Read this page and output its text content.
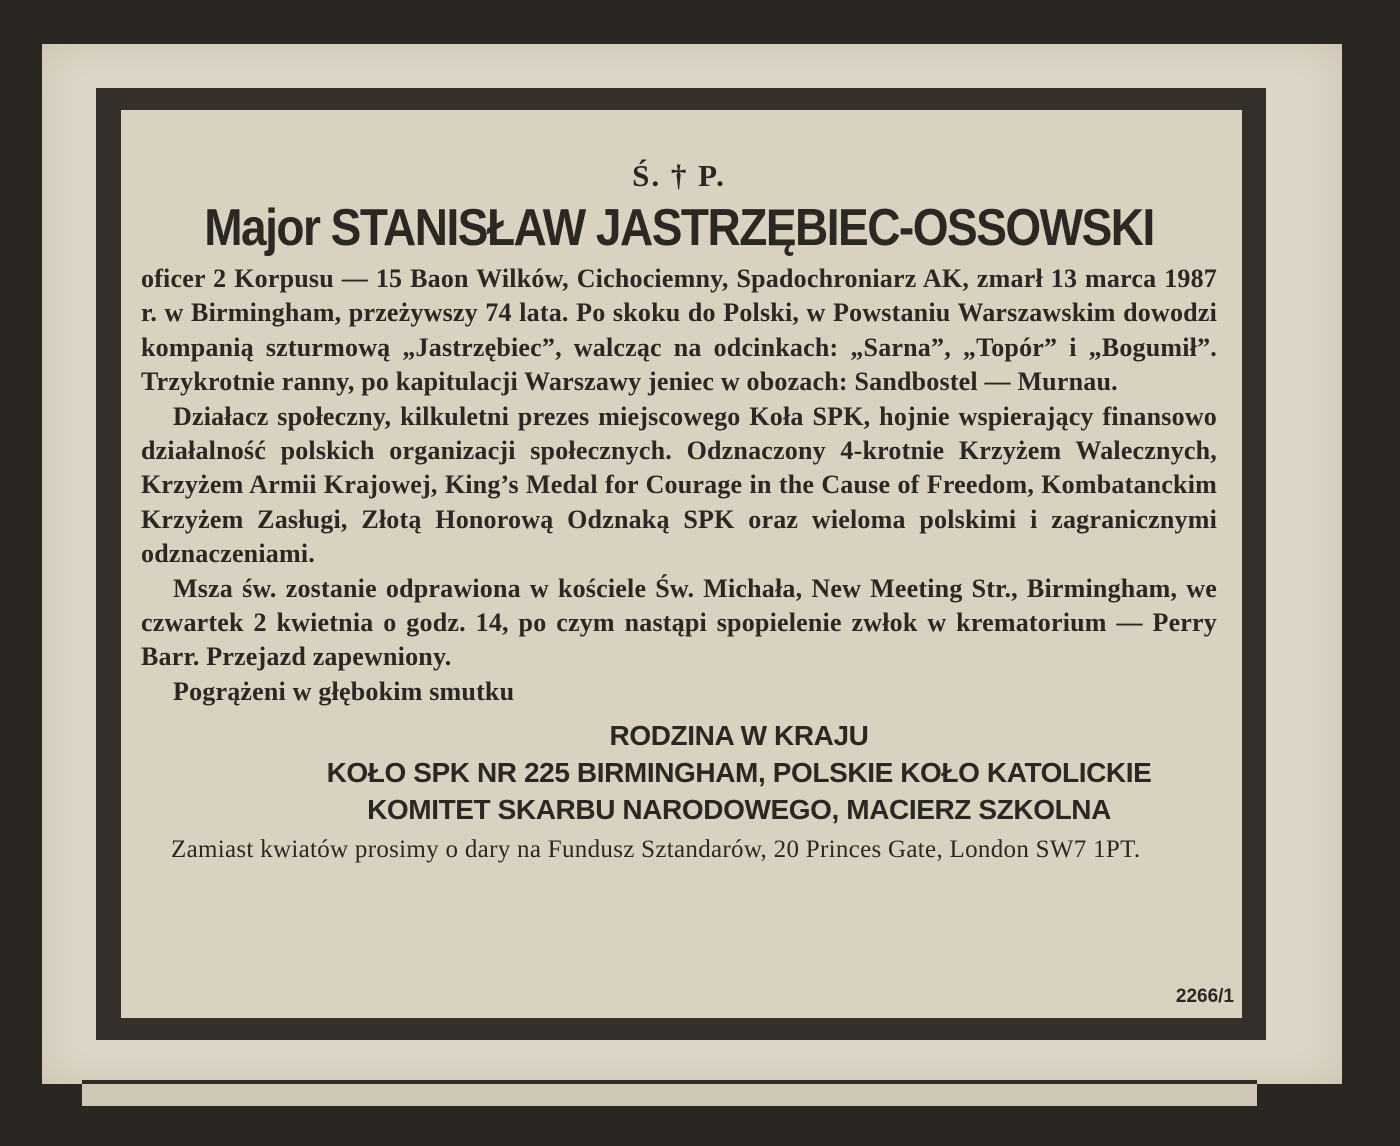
Ś. † P.

Major STANISŁAW JASTRZĘBIEC-OSSOWSKI

oficer 2 Korpusu — 15 Baon Wilków, Cichociemny, Spadochroniarz AK, zmarł 13 marca 1987 r. w Birmingham, przeżywszy 74 lata. Po skoku do Polski, w Powstaniu Warszawskim dowodzi kompanią szturmową „Jastrzębiec”, walcząc na odcinkach: „Sarna”, „Topór” i „Bogumił”. Trzykrotnie ranny, po kapitulacji Warszawy jeniec w obozach: Sandbostel — Murnau.

Działacz społeczny, kilkuletni prezes miejscowego Koła SPK, hojnie wspierający finansowo działalność polskich organizacji społecznych. Odznaczony 4-krotnie Krzyżem Walecznych, Krzyżem Armii Krajowej, King’s Medal for Courage in the Cause of Freedom, Kombatanckim Krzyżem Zasługi, Złotą Honorową Odznaką SPK oraz wieloma polskimi i zagranicznymi odznaczeniami.

Msza św. zostanie odprawiona w kościele Św. Michała, New Meeting Str., Birmingham, we czwartek 2 kwietnia o godz. 14, po czym nastąpi spopielenie zwłok w krematorium — Perry Barr. Przejazd zapewniony.

Pogrążeni w głębokim smutku

RODZINA W KRAJU
KOŁO SPK NR 225 BIRMINGHAM, POLSKIE KOŁO KATOLICKIE
KOMITET SKARBU NARODOWEGO, MACIERZ SZKOLNA

Zamiast kwiatów prosimy o dary na Fundusz Sztandarów, 20 Princes Gate, London SW7 1PT.

2266/1
